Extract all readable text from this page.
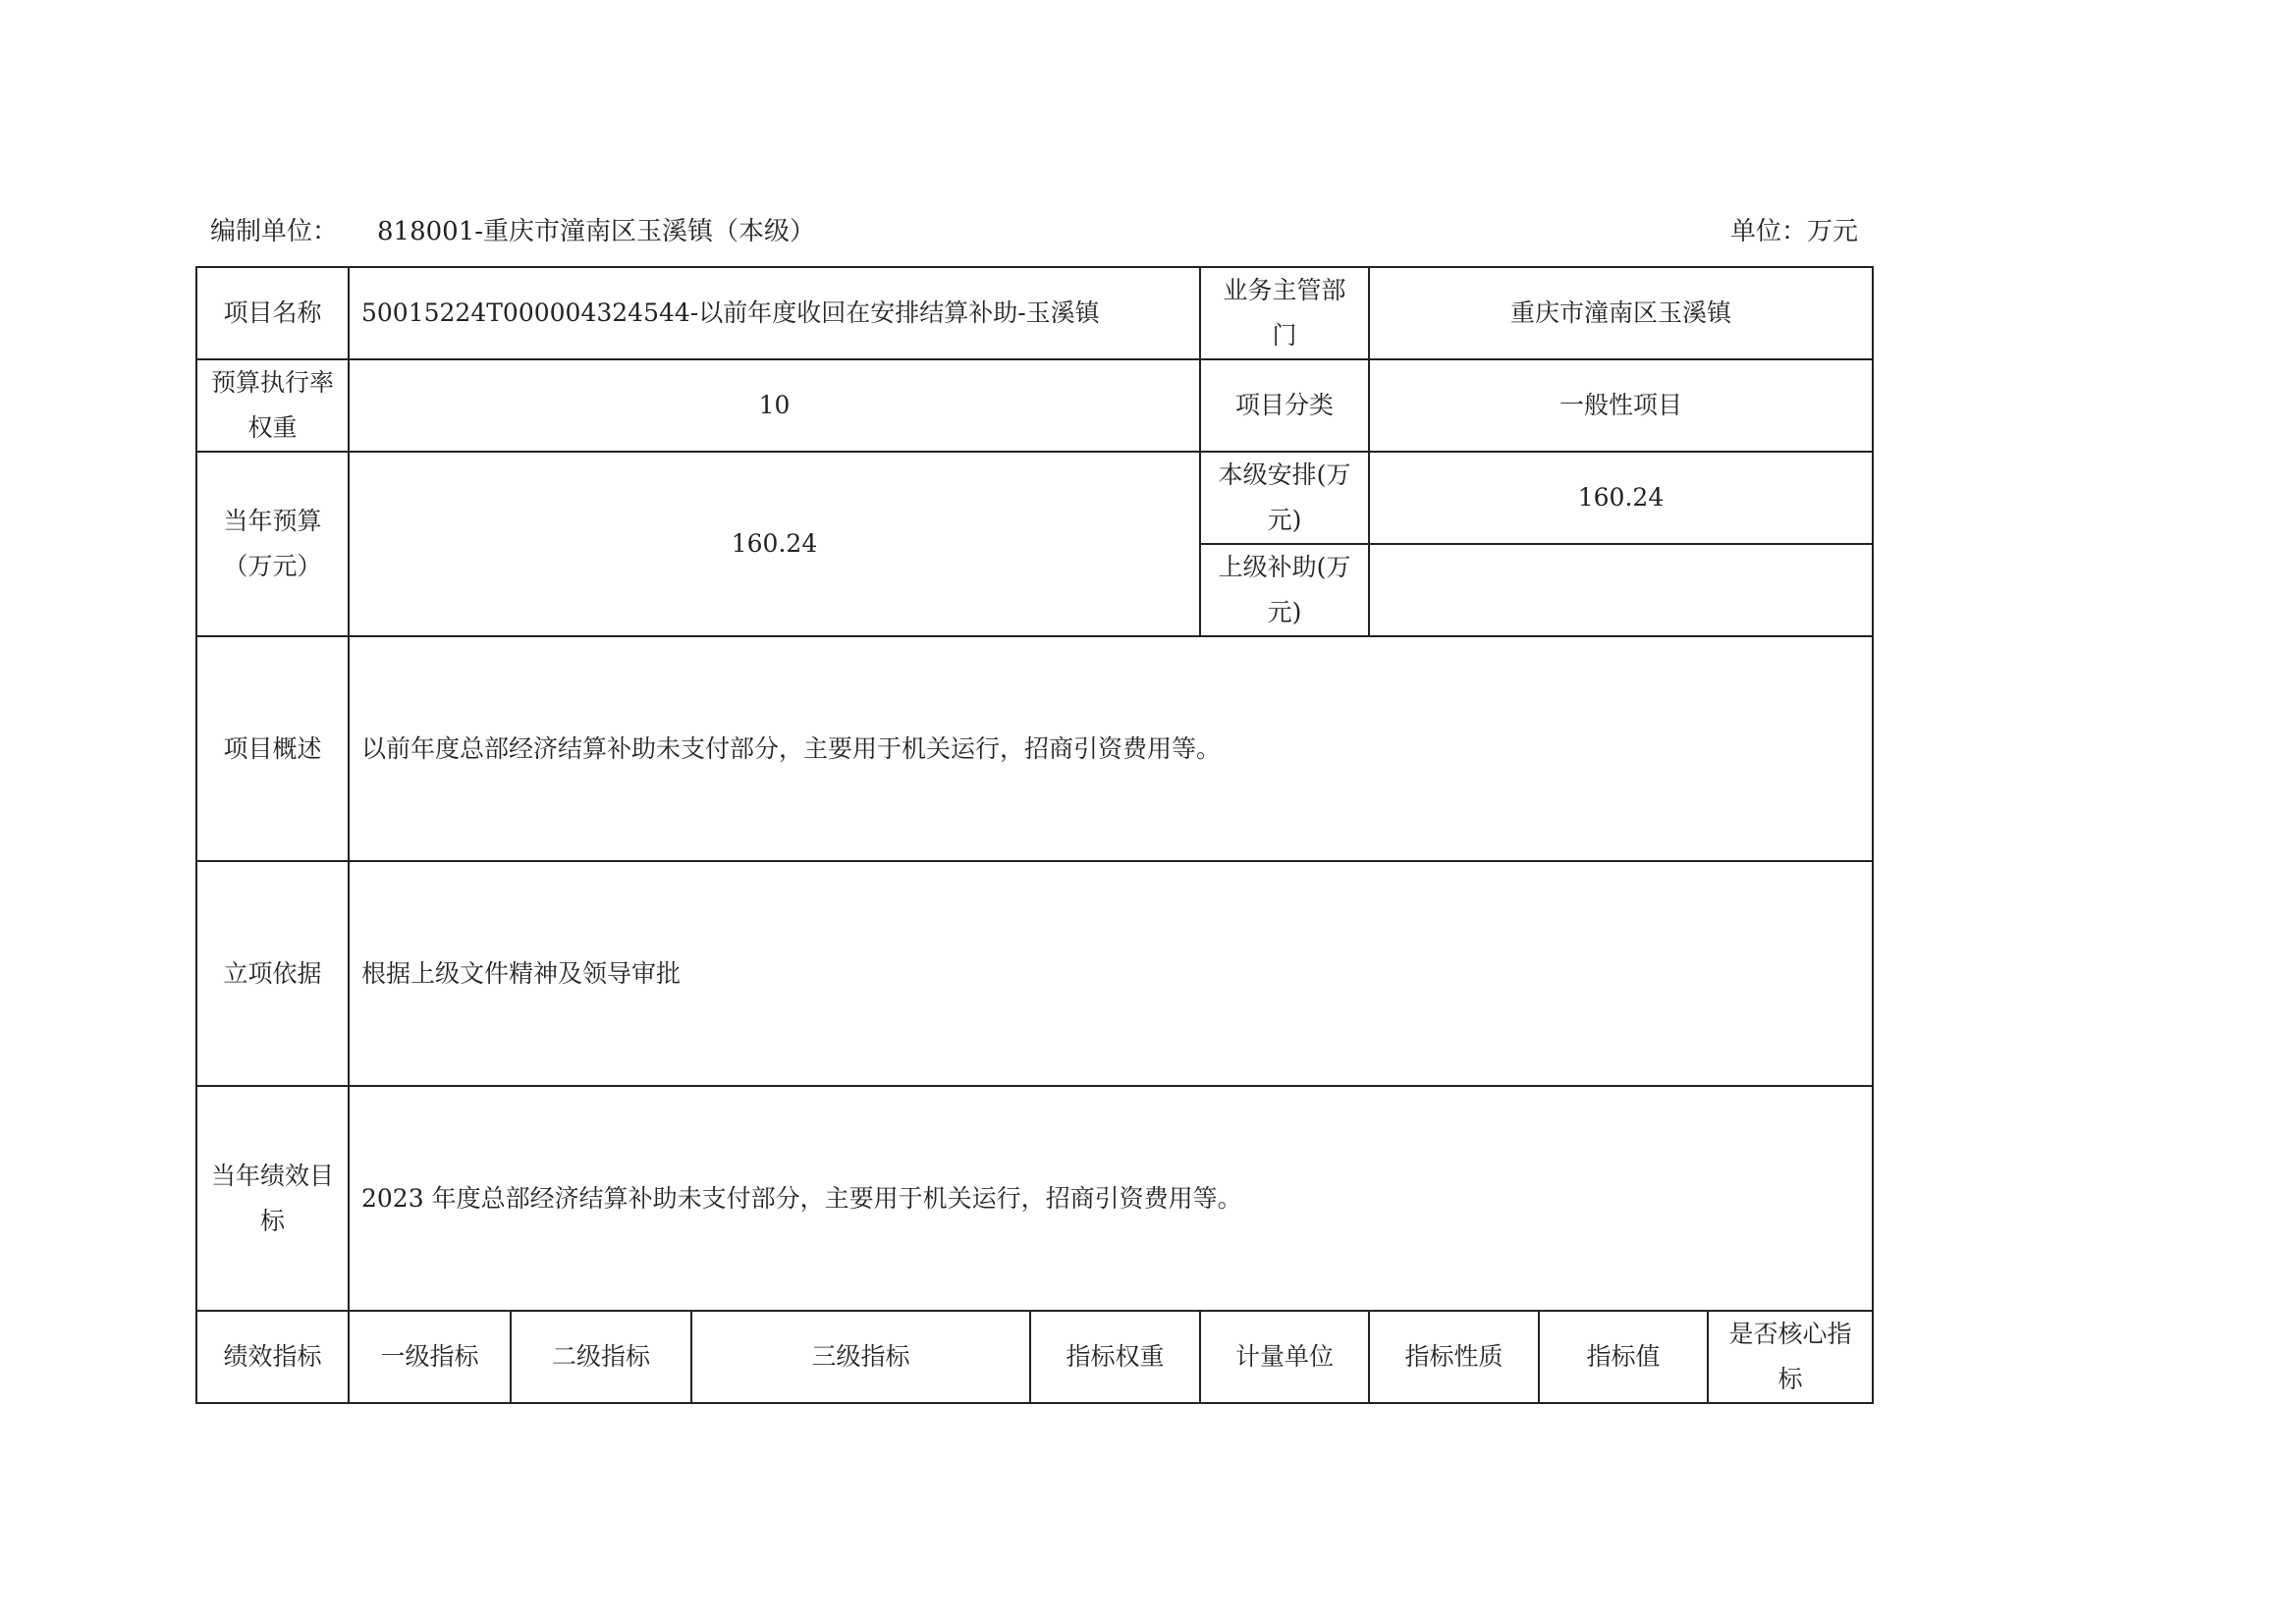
编制单位： 818001-重庆市潼南区玉溪镇（本级）	单位：万元
项目名称	50015224T000004324544-以前年度收回在安排结算补助-玉溪镇				业务主管部门	重庆市潼南区玉溪镇		
预算执行率权重	10				项目分类	一般性项目		
当年预算（万元）	160.24				本级安排(万元)	160.24		
					上级补助(万元)			
项目概述	以前年度总部经济结算补助未支付部分，主要用于机关运行，招商引资费用等。							
立项依据	根据上级文件精神及领导审批							
当年绩效目标	2023 年度总部经济结算补助未支付部分，主要用于机关运行，招商引资费用等。							
绩效指标	一级指标	二级指标	三级指标	指标权重	计量单位	指标性质	指标值	是否核心指标
